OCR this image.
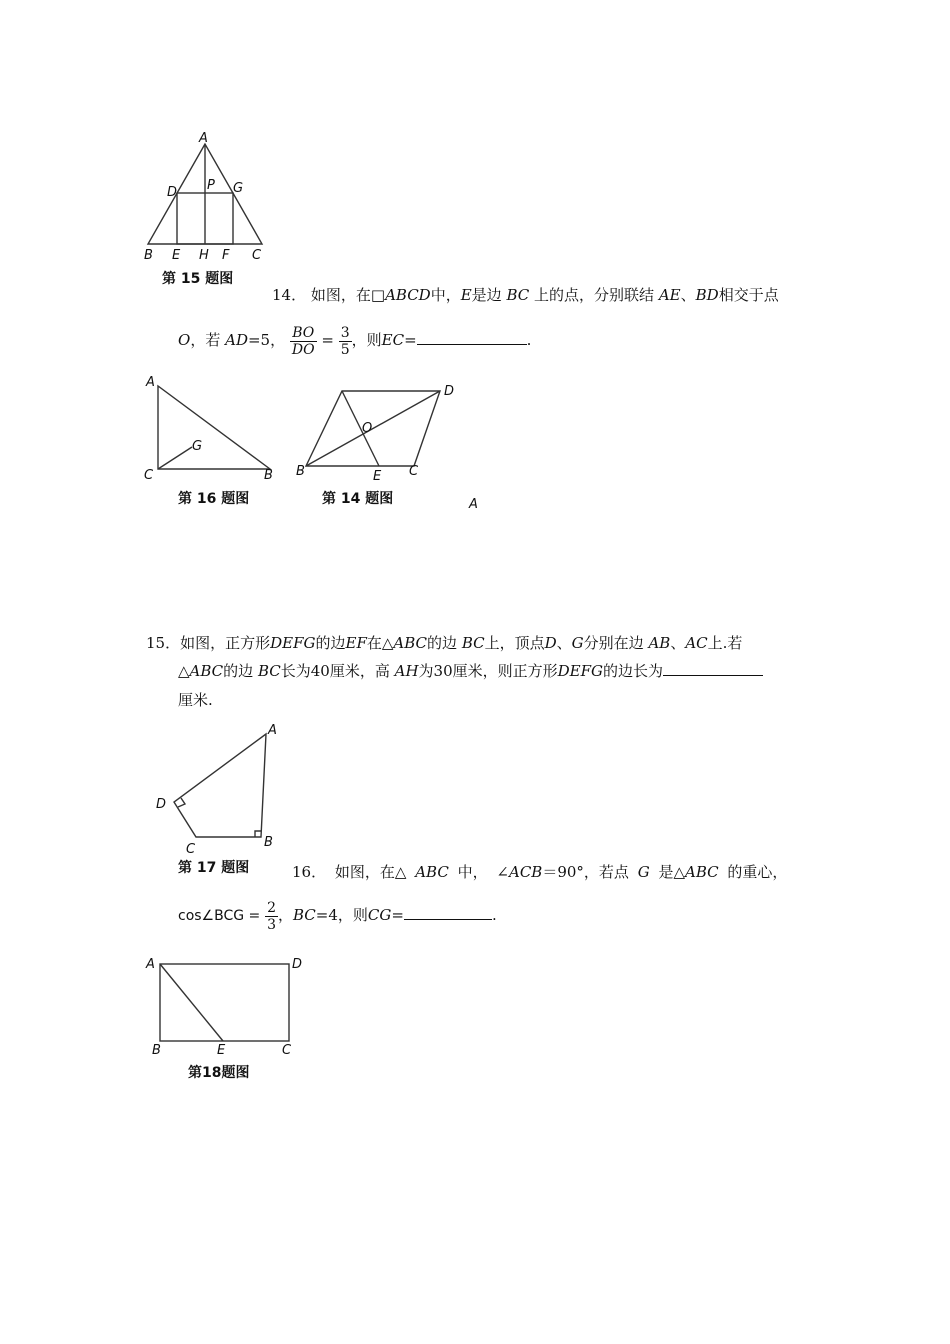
A
D P G
B E H F C
第 15 题图
14． 如图，在□ABCD中，E是边 BC 上的点，分别联结 AE、BD相交于点
O，若 AD=5， $\frac{BO}{DO} = \frac{3}{5}$ ，则EC=	.
A
G
C	B
第 16 题图
D
O
B	E C
第 14 题图	A
15．如图，正方形DEFG的边EF在△ABC的边 BC上，顶点D、G分别在边 AB、AC上.若
△ABC的边 BC长为40厘米，高 AH为30厘米，则正方形DEFG的边长为
厘米.
A
D
C	B
第 17 题图	16． 如图，在△ ABC 中， ∠ACB＝90°，若点 G 是△ABC 的重心，
cos∠BCG = $\frac{2}{3}$ ，BC=4，则CG=	.
A	D
B	E	C
第18题图
